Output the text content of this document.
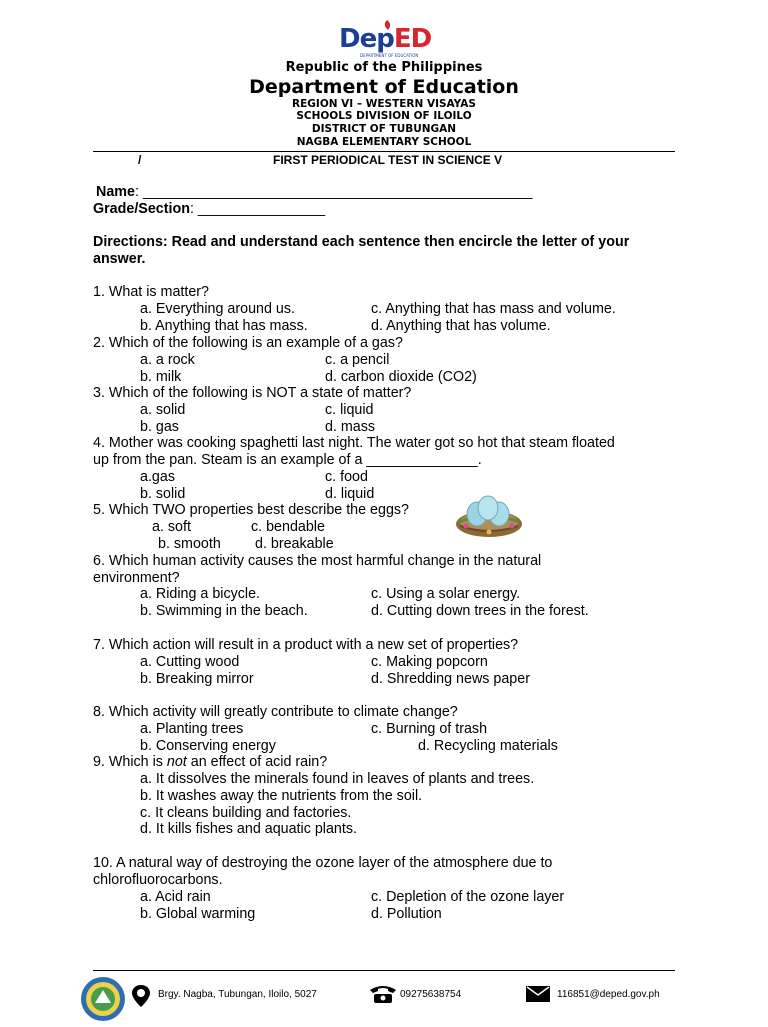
DepED
DEPARTMENT OF EDUCATION
Republic of the Philippines
Department of Education
REGION VI – WESTERN VISAYAS
SCHOOLS DIVISION OF ILOILO
DISTRICT OF TUBUNGAN
NAGBA ELEMENTARY SCHOOL
/	FIRST PERIODICAL TEST IN SCIENCE V
Name: _________________________________________________
Grade/Section: ________________
Directions: Read and understand each sentence then encircle the letter of your
answer.
1. What is matter?
a. Everything around us.	c. Anything that has mass and volume.
b. Anything that has mass.	d. Anything that has volume.
2. Which of the following is an example of a gas?
a. a rock	c. a pencil
b. milk	d. carbon dioxide (CO2)
3. Which of the following is NOT a state of matter?
a. solid	c. liquid
b. gas	d. mass
4. Mother was cooking spaghetti last night. The water got so hot that steam floated
up from the pan. Steam is an example of a ______________.
a.gas	c. food
b. solid	d. liquid
5. Which TWO properties best describe the eggs?
a. soft	c. bendable
b. smooth d. breakable
6. Which human activity causes the most harmful change in the natural
environment?
a. Riding a bicycle.	c. Using a solar energy.
b. Swimming in the beach.	d. Cutting down trees in the forest.
7. Which action will result in a product with a new set of properties?
a. Cutting wood	c. Making popcorn
b. Breaking mirror	d. Shredding news paper
8. Which activity will greatly contribute to climate change?
a. Planting trees	c. Burning of trash
b. Conserving energy	d. Recycling materials
9. Which is not an effect of acid rain?
a. It dissolves the minerals found in leaves of plants and trees.
b. It washes away the nutrients from the soil.
c. It cleans building and factories.
d. It kills fishes and aquatic plants.
10. A natural way of destroying the ozone layer of the atmosphere due to
chlorofluorocarbons.
a. Acid rain	c. Depletion of the ozone layer
b. Global warming	d. Pollution
Brgy. Nagba, Tubungan, Iloilo, 5027	09275638754	116851@deped.gov.ph
